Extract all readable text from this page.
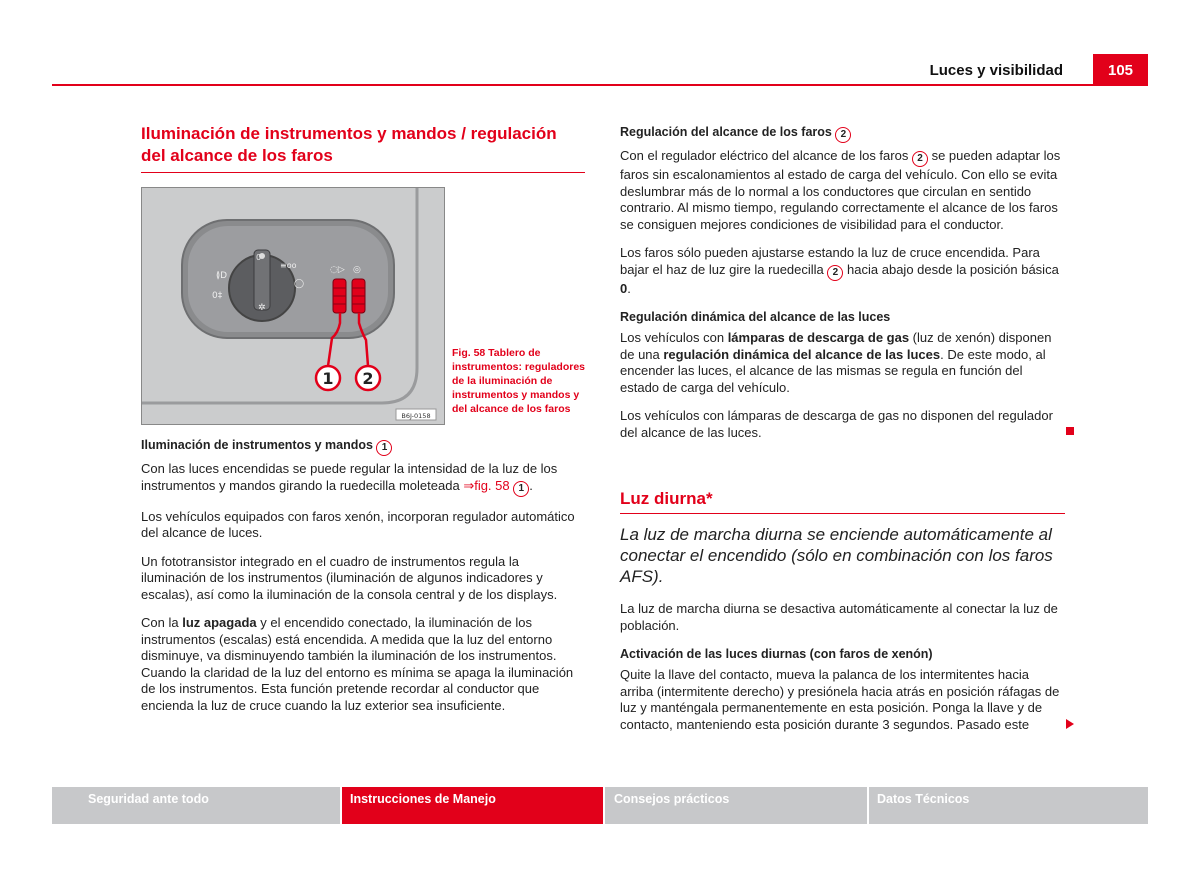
Luces y visibilidad	105
Iluminación de instrumentos y mandos / regulación del alcance de los faros
0
≬D
0‡
≡oo
◯
✲
◌▷ ◎
1 2
B6J-0158
Fig. 58 Tablero de instrumentos: reguladores de la iluminación de instrumentos y mandos y del alcance de los faros

Iluminación de instrumentos y mandos 1

Con las luces encendidas se puede regular la intensidad de la luz de los instrumentos y mandos girando la ruedecilla moleteada ⇒fig. 58 1 .

Los vehículos equipados con faros xenón, incorporan regulador automático del alcance de luces.

Un fototransistor integrado en el cuadro de instrumentos regula la iluminación de los instrumentos (iluminación de algunos indicadores y escalas), así como la iluminación de la consola central y de los displays.

Con la luz apagada y el encendido conectado, la iluminación de los instrumentos (escalas) está encendida. A medida que la luz del entorno disminuye, va disminuyendo también la iluminación de los instrumentos. Cuando la claridad de la luz del entorno es mínima se apaga la iluminación de los instrumentos. Esta función pretende recordar al conductor que encienda la luz de cruce cuando la luz exterior sea insuficiente.

Regulación del alcance de los faros 2

Con el regulador eléctrico del alcance de los faros 2 se pueden adaptar los faros sin escalonamientos al estado de carga del vehículo. Con ello se evita deslumbrar más de lo normal a los conductores que circulan en sentido contrario. Al mismo tiempo, regulando correctamente el alcance de los faros se consiguen mejores condiciones de visibilidad para el conductor.

Los faros sólo pueden ajustarse estando la luz de cruce encendida. Para bajar el haz de luz gire la ruedecilla 2 hacia abajo desde la posición básica 0.

Regulación dinámica del alcance de las luces

Los vehículos con lámparas de descarga de gas (luz de xenón) disponen de una regulación dinámica del alcance de las luces. De este modo, al encender las luces, el alcance de las mismas se regula en función del estado de carga del vehículo.

Los vehículos con lámparas de descarga de gas no disponen del regulador del alcance de las luces.

Luz diurna*

La luz de marcha diurna se enciende automáticamente al conectar el encendido (sólo en combinación con los faros AFS).

La luz de marcha diurna se desactiva automáticamente al conectar la luz de población.

Activación de las luces diurnas (con faros de xenón)

Quite la llave del contacto, mueva la palanca de los intermitentes hacia arriba (intermitente derecho) y presiónela hacia atrás en posición ráfagas de luz y manténgala permanentemente en esta posición. Ponga la llave y de contacto, manteniendo esta posición durante 3 segundos. Pasado este

Seguridad ante todo	Instrucciones de Manejo	Consejos prácticos	Datos Técnicos
